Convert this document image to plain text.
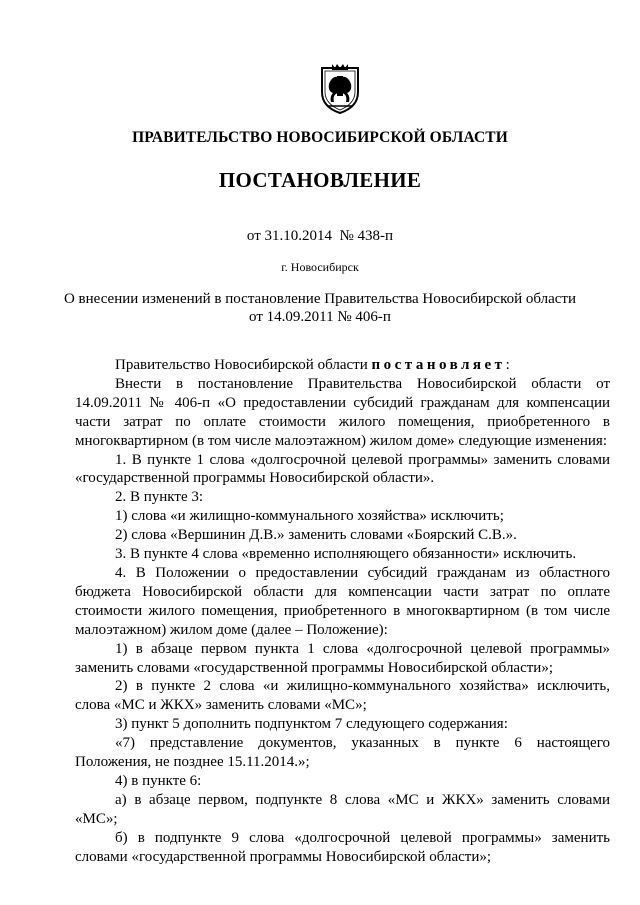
ПРАВИТЕЛЬСТВО НОВОСИБИРСКОЙ ОБЛАСТИ
ПОСТАНОВЛЕНИЕ
от 31.10.2014  № 438-п
г. Новосибирск
О внесении изменений в постановление Правительства Новосибирской области
от 14.09.2011 № 406-п
Правительство Новосибирской области постановляет:
Внести в постановление Правительства Новосибирской области от 14.09.2011 № 406-п «О предоставлении субсидий гражданам для компенсации части затрат по оплате стоимости жилого помещения, приобретенного в многоквартирном (в том числе малоэтажном) жилом доме» следующие изменения:
1. В пункте 1 слова «долгосрочной целевой программы» заменить словами «государственной программы Новосибирской области».
2. В пункте 3:
1) слова «и жилищно-коммунального хозяйства» исключить;
2) слова «Вершинин Д.В.» заменить словами «Боярский С.В.».
3. В пункте 4 слова «временно исполняющего обязанности» исключить.
4. В Положении о предоставлении субсидий гражданам из областного бюджета Новосибирской области для компенсации части затрат по оплате стоимости жилого помещения, приобретенного в многоквартирном (в том числе малоэтажном) жилом доме (далее – Положение):
1) в абзаце первом пункта 1 слова «долгосрочной целевой программы» заменить словами «государственной программы Новосибирской области»;
2) в пункте 2 слова «и жилищно-коммунального хозяйства» исключить, слова «МС и ЖКХ» заменить словами «МС»;
3) пункт 5 дополнить подпунктом 7 следующего содержания:
«7) представление документов, указанных в пункте 6 настоящего Положения, не позднее 15.11.2014.»;
4) в пункте 6:
а) в абзаце первом, подпункте 8 слова «МС и ЖКХ» заменить словами «МС»;
б) в подпункте 9 слова «долгосрочной целевой программы» заменить словами «государственной программы Новосибирской области»;
